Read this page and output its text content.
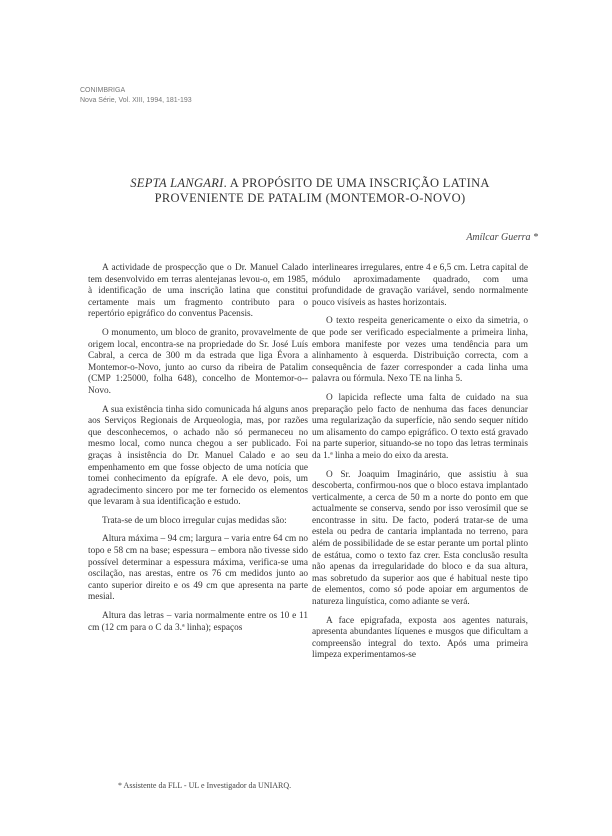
CONIMBRIGA
Nova Série, Vol. XIII, 1994, 181-193
SEPTA LANGARI. A PROPÓSITO DE UMA INSCRIÇÃO LATINA
PROVENIENTE DE PATALIM (MONTEMOR-O-NOVO)
Amílcar Guerra *

A actividade de prospecção que o Dr. Manuel Calado tem desenvolvido em terras alentejanas levou-o, em 1985, à identificação de uma inscrição latina que constitui certamente mais um fragmento contributo para o repertório epigráfico do conventus Pacensis.

O monumento, um bloco de granito, provavelmente de origem local, encontra-se na propriedade do Sr. José Luís Cabral, a cerca de 300 m da estrada que liga Évora a Montemor-o-Novo, junto ao curso da ribeira de Patalim (CMP 1:25000, folha 648), concelho de Montemor-o--Novo.

A sua existência tinha sido comunicada há alguns anos aos Serviços Regionais de Arqueologia, mas, por razões que desconhecemos, o achado não só permaneceu no mesmo local, como nunca chegou a ser publicado. Foi graças à insistência do Dr. Manuel Calado e ao seu empenhamento em que fosse objecto de uma notícia que tomei conhecimento da epígrafe. A ele devo, pois, um agradecimento sincero por me ter fornecido os elementos que levaram à sua identificação e estudo.

Trata-se de um bloco irregular cujas medidas são:

Altura máxima – 94 cm; largura – varia entre 64 cm no topo e 58 cm na base; espessura – embora não tivesse sido possível determinar a espessura máxima, verifica-se uma oscilação, nas arestas, entre os 76 cm medidos junto ao canto superior direito e os 49 cm que apresenta na parte mesial.

Altura das letras – varia normalmente entre os 10 e 11 cm (12 cm para o C da 3.ª linha); espaços

interlineares irregulares, entre 4 e 6,5 cm. Letra capital de módulo aproximadamente quadrado, com uma profundidade de gravação variável, sendo normalmente pouco visíveis as hastes horizontais.

O texto respeita genericamente o eixo da simetria, o que pode ser verificado especialmente a primeira linha, embora manifeste por vezes uma tendência para um alinhamento à esquerda. Distribuição correcta, com a consequência de fazer corresponder a cada linha uma palavra ou fórmula. Nexo TE na linha 5.

O lapicida reflecte uma falta de cuidado na sua preparação pelo facto de nenhuma das faces denunciar uma regularização da superfície, não sendo sequer nítido um alisamento do campo epigráfico. O texto está gravado na parte superior, situando-se no topo das letras terminais da 1.ª linha a meio do eixo da aresta.

O Sr. Joaquim Imaginário, que assistiu à sua descoberta, confirmou-nos que o bloco estava implantado verticalmente, a cerca de 50 m a norte do ponto em que actualmente se conserva, sendo por isso verosímil que se encontrasse in situ. De facto, poderá tratar-se de uma estela ou pedra de cantaria implantada no terreno, para além de possibilidade de se estar perante um portal plinto de estátua, como o texto faz crer. Esta conclusão resulta não apenas da irregularidade do bloco e da sua altura, mas sobretudo da superior aos que é habitual neste tipo de elementos, como só pode apoiar em argumentos de natureza linguística, como adiante se verá.

A face epigrafada, exposta aos agentes naturais, apresenta abundantes líquenes e musgos que dificultam a compreensão integral do texto. Após uma primeira limpeza experimentamos-se

* Assistente da FLL - UL e Investigador da UNIARQ.
